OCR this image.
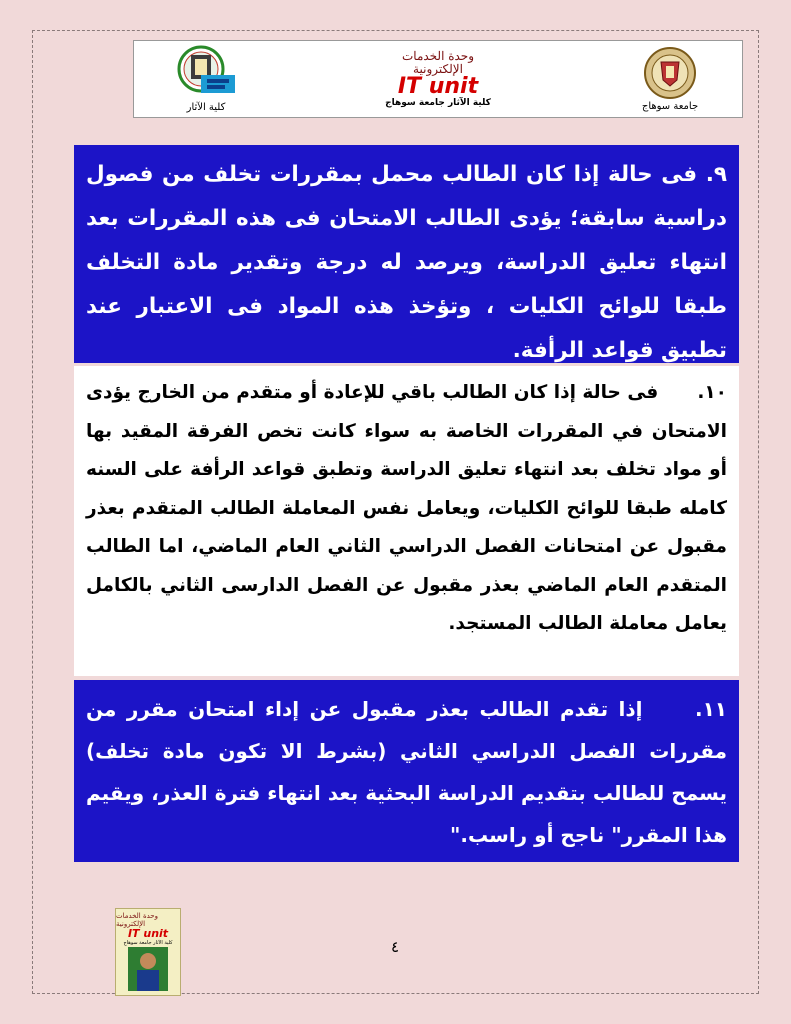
كلية الآثار
وحدة الخدمات
الإلكترونية
IT unit
كلية الآثار جامعة سوهاج	جامعة سوهاج

٩. فى حالة إذا كان الطالب محمل بمقررات تخلف من فصول دراسية سابقة؛ يؤدى الطالب الامتحان فى هذه المقررات بعد انتهاء تعليق الدراسة، ويرصد له درجة وتقدير مادة التخلف طبقا للوائح الكليات ، وتؤخذ هذه المواد فى الاعتبار عند تطبيق قواعد الرأفة.

١٠.      فى حالة إذا كان الطالب باقي للإعادة أو متقدم من الخارج يؤدى الامتحان في المقررات الخاصة به سواء كانت تخص الفرقة المقيد بها أو مواد تخلف بعد انتهاء تعليق الدراسة وتطبق قواعد الرأفة على السنه كامله طبقا للوائح الكليات، ويعامل نفس المعاملة الطالب المتقدم بعذر مقبول عن امتحانات الفصل الدراسي الثاني العام الماضي، اما الطالب المتقدم العام الماضي بعذر مقبول عن الفصل الدارسى الثاني بالكامل يعامل معاملة الطالب المستجد.

١١.     إذا تقدم الطالب بعذر مقبول عن إداء امتحان مقرر من مقررات الفصل الدراسي الثاني (بشرط الا تكون مادة تخلف) يسمح للطالب بتقديم الدراسة البحثية بعد انتهاء فترة العذر، ويقيم هذا المقرر" ناجح أو راسب."

وحدة الخدمات الإلكترونية
IT unit
كلية الآثار جامعة سوهاج	٤
